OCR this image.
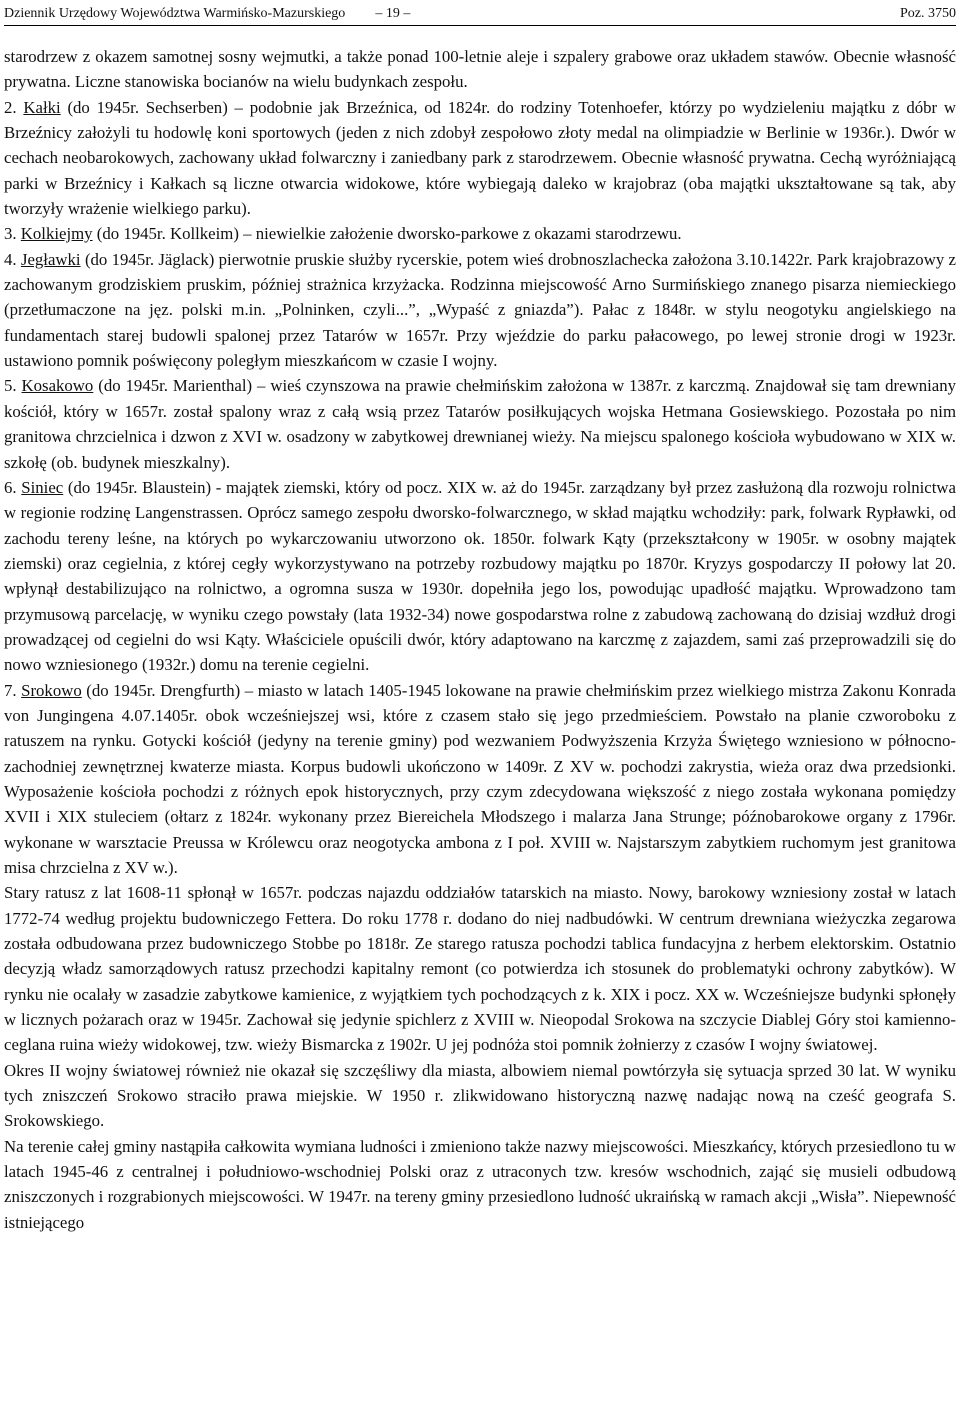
Dziennik Urzędowy Województwa Warmińsko-Mazurskiego – 19 –	Poz. 3750

starodrzew z okazem samotnej sosny wejmutki, a także ponad 100-letnie aleje i szpalery grabowe oraz układem stawów. Obecnie własność prywatna. Liczne stanowiska bocianów na wielu budynkach zespołu.

2. Kałki (do 1945r. Sechserben) – podobnie jak Brzeźnica, od 1824r. do rodziny Totenhoefer, którzy po wydzieleniu majątku z dóbr w Brzeźnicy założyli tu hodowlę koni sportowych (jeden z nich zdobył zespołowo złoty medal na olimpiadzie w Berlinie w 1936r.). Dwór w cechach neobarokowych, zachowany układ folwarczny i zaniedbany park z starodrzewem. Obecnie własność prywatna. Cechą wyróżniającą parki w Brzeźnicy i Kałkach są liczne otwarcia widokowe, które wybiegają daleko w krajobraz (oba majątki ukształtowane są tak, aby tworzyły wrażenie wielkiego parku).

3. Kolkiejmy (do 1945r. Kollkeim) – niewielkie założenie dworsko-parkowe z okazami starodrzewu.

4. Jegławki (do 1945r. Jäglack) pierwotnie pruskie służby rycerskie, potem wieś drobnoszlachecka założona 3.10.1422r. Park krajobrazowy z zachowanym grodziskiem pruskim, później strażnica krzyżacka. Rodzinna miejscowość Arno Surmińskiego znanego pisarza niemieckiego (przetłumaczone na jęz. polski m.in. „Polninken, czyli...”, „Wypaść z gniazda”). Pałac z 1848r. w stylu neogotyku angielskiego na fundamentach starej budowli spalonej przez Tatarów w 1657r. Przy wjeździe do parku pałacowego, po lewej stronie drogi w 1923r. ustawiono pomnik poświęcony poległym mieszkańcom w czasie I wojny.

5. Kosakowo (do 1945r. Marienthal) – wieś czynszowa na prawie chełmińskim założona w 1387r. z karczmą. Znajdował się tam drewniany kościół, który w 1657r. został spalony wraz z całą wsią przez Tatarów posiłkujących wojska Hetmana Gosiewskiego. Pozostała po nim granitowa chrzcielnica i dzwon z XVI w. osadzony w zabytkowej drewnianej wieży. Na miejscu spalonego kościoła wybudowano w XIX w. szkołę (ob. budynek mieszkalny).

6. Siniec (do 1945r. Blaustein) - majątek ziemski, który od pocz. XIX w. aż do 1945r. zarządzany był przez zasłużoną dla rozwoju rolnictwa w regionie rodzinę Langenstrassen. Oprócz samego zespołu dworsko-folwarcznego, w skład majątku wchodziły: park, folwark Rypławki, od zachodu tereny leśne, na których po wykarczowaniu utworzono ok. 1850r. folwark Kąty (przekształcony w 1905r. w osobny majątek ziemski) oraz cegielnia, z której cegły wykorzystywano na potrzeby rozbudowy majątku po 1870r. Kryzys gospodarczy II połowy lat 20. wpłynął destabilizująco na rolnictwo, a ogromna susza w 1930r. dopełniła jego los, powodując upadłość majątku. Wprowadzono tam przymusową parcelację, w wyniku czego powstały (lata 1932-34) nowe gospodarstwa rolne z zabudową zachowaną do dzisiaj wzdłuż drogi prowadzącej od cegielni do wsi Kąty. Właściciele opuścili dwór, który adaptowano na karczmę z zajazdem, sami zaś przeprowadzili się do nowo wzniesionego (1932r.) domu na terenie cegielni.

7. Srokowo (do 1945r. Drengfurth) – miasto w latach 1405-1945 lokowane na prawie chełmińskim przez wielkiego mistrza Zakonu Konrada von Jungingena 4.07.1405r. obok wcześniejszej wsi, które z czasem stało się jego przedmieściem. Powstało na planie czworoboku z ratuszem na rynku. Gotycki kościół (jedyny na terenie gminy) pod wezwaniem Podwyższenia Krzyża Świętego wzniesiono w północno-zachodniej zewnętrznej kwaterze miasta. Korpus budowli ukończono w 1409r. Z XV w. pochodzi zakrystia, wieża oraz dwa przedsionki. Wyposażenie kościoła pochodzi z różnych epok historycznych, przy czym zdecydowana większość z niego została wykonana pomiędzy XVII i XIX stuleciem (ołtarz z 1824r. wykonany przez Biereichela Młodszego i malarza Jana Strunge; późnobarokowe organy z 1796r. wykonane w warsztacie Preussa w Królewcu oraz neogotycka ambona z I poł. XVIII w. Najstarszym zabytkiem ruchomym jest granitowa misa chrzcielna z XV w.).

Stary ratusz z lat 1608-11 spłonął w 1657r. podczas najazdu oddziałów tatarskich na miasto. Nowy, barokowy wzniesiony został w latach 1772-74 według projektu budowniczego Fettera. Do roku 1778 r. dodano do niej nadbudówki. W centrum drewniana wieżyczka zegarowa została odbudowana przez budowniczego Stobbe po 1818r. Ze starego ratusza pochodzi tablica fundacyjna z herbem elektorskim. Ostatnio decyzją władz samorządowych ratusz przechodzi kapitalny remont (co potwierdza ich stosunek do problematyki ochrony zabytków). W rynku nie ocalały w zasadzie zabytkowe kamienice, z wyjątkiem tych pochodzących z k. XIX i pocz. XX w. Wcześniejsze budynki spłonęły w licznych pożarach oraz w 1945r. Zachował się jedynie spichlerz z XVIII w. Nieopodal Srokowa na szczycie Diablej Góry stoi kamienno-ceglana ruina wieży widokowej, tzw. wieży Bismarcka z 1902r. U jej podnóża stoi pomnik żołnierzy z czasów I wojny światowej.

Okres II wojny światowej również nie okazał się szczęśliwy dla miasta, albowiem niemal powtórzyła się sytuacja sprzed 30 lat. W wyniku tych zniszczeń Srokowo straciło prawa miejskie. W 1950 r. zlikwidowano historyczną nazwę nadając nową na cześć geografa S. Srokowskiego.

Na terenie całej gminy nastąpiła całkowita wymiana ludności i zmieniono także nazwy miejscowości. Mieszkańcy, których przesiedlono tu w latach 1945-46 z centralnej i południowo-wschodniej Polski oraz z utraconych tzw. kresów wschodnich, zająć się musieli odbudową zniszczonych i rozgrabionych miejscowości. W 1947r. na tereny gminy przesiedlono ludność ukraińską w ramach akcji „Wisła”. Niepewność istniejącego
